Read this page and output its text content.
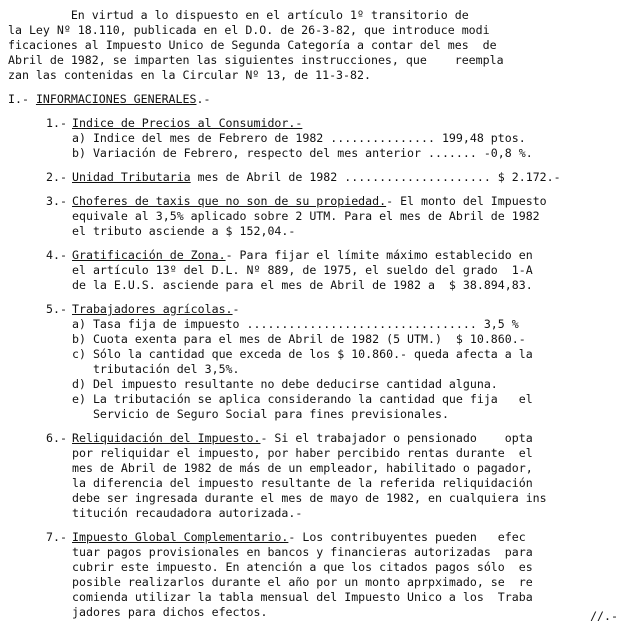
En virtud a lo dispuesto en el artículo 1º transitorio de
la Ley Nº 18.110, publicada en el D.O. de 26-3-82, que introduce modi
ficaciones al Impuesto Unico de Segunda Categoría a contar del mes  de
Abril de 1982, se imparten las siguientes instrucciones, que    reempla
zan las contenidas en la Circular Nº 13, de 11-3-82.
I.- INFORMACIONES GENERALES.-
1.- Indice de Precios al Consumidor.-
a) Indice del mes de Febrero de 1982 ............... 199,48 ptos.
b) Variación de Febrero, respecto del mes anterior ....... -0,8 %.
2.- Unidad Tributaria mes de Abril de 1982 ..................... $ 2.172.-
3.- Choferes de taxis que no son de su propiedad.- El monto del Impuesto
equivale al 3,5% aplicado sobre 2 UTM. Para el mes de Abril de 1982
el tributo asciende a $ 152,04.-
4.- Gratificación de Zona.- Para fijar el límite máximo establecido en
el artículo 13º del D.L. Nº 889, de 1975, el sueldo del grado  1-A
de la E.U.S. asciende para el mes de Abril de 1982 a  $ 38.894,83.
5.- Trabajadores agrícolas.-
a) Tasa fija de impuesto ................................. 3,5 %
b) Cuota exenta para el mes de Abril de 1982 (5 UTM.)  $ 10.860.-
c) Sólo la cantidad que exceda de los $ 10.860.- queda afecta a la
tributación del 3,5%.
d) Del impuesto resultante no debe deducirse cantidad alguna.
e) La tributación se aplica considerando la cantidad que fija   el
Servicio de Seguro Social para fines previsionales.
6.- Reliquidación del Impuesto.- Si el trabajador o pensionado    opta
por reliquidar el impuesto, por haber percibido rentas durante  el
mes de Abril de 1982 de más de un empleador, habilitado o pagador,
la diferencia del impuesto resultante de la referida reliquidación
debe ser ingresada durante el mes de mayo de 1982, en cualquiera ins
titución recaudadora autorizada.-
7.- Impuesto Global Complementario.- Los contribuyentes pueden   efec
tuar pagos provisionales en bancos y financieras autorizadas  para
cubrir este impuesto. En atención a que los citados pagos sólo  es
posible realizarlos durante el año por un monto aprpximado, se  re
comienda utilizar la tabla mensual del Impuesto Unico a los  Traba
jadores para dichos efectos.	//.-
